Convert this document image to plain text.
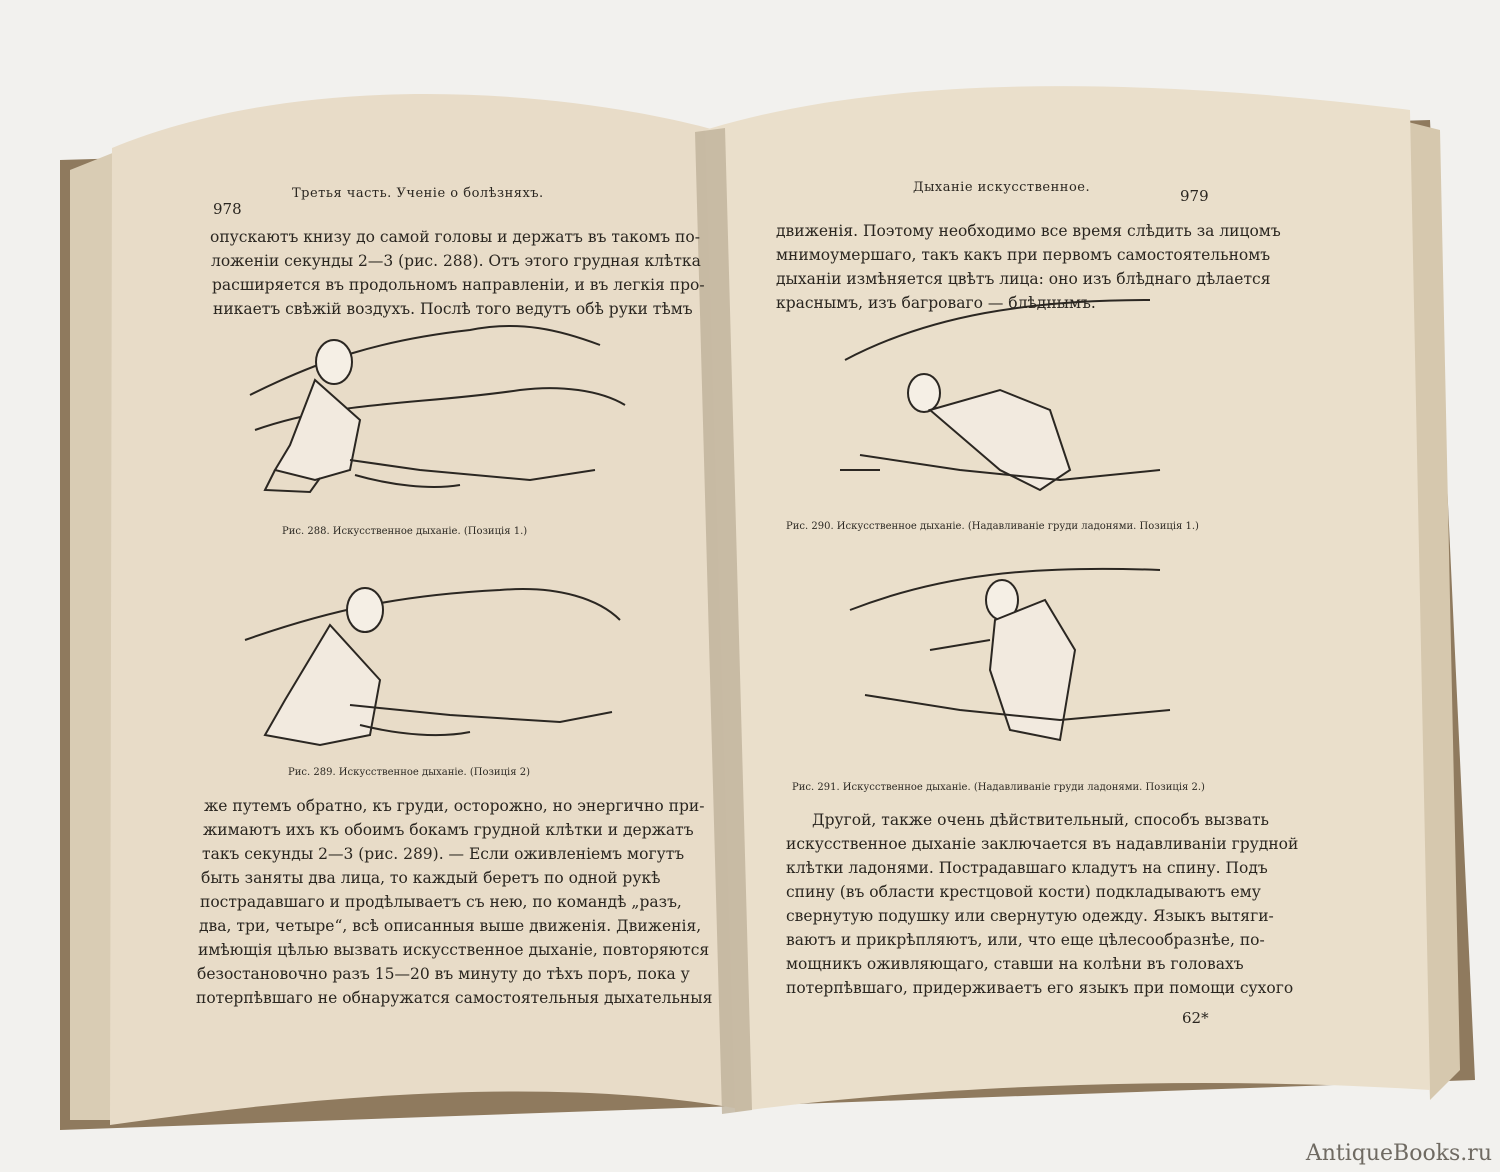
978
Третья часть. Ученіе о болѣзняхъ.
опускаютъ книзу до самой головы и держатъ въ такомъ по-
ложеніи секунды 2—3 (рис. 288). Отъ этого грудная клѣтка
расширяется въ продольномъ направленіи, и въ легкія про-
никаетъ свѣжій воздухъ. Послѣ того ведутъ обѣ руки тѣмъ
Рис. 288. Искусственное дыханіе. (Позиція 1.)
Рис. 289. Искусственное дыханіе. (Позиція 2)
же путемъ обратно, къ груди, осторожно, но энергично при-
жимаютъ ихъ къ обоимъ бокамъ грудной клѣтки и держатъ
такъ секунды 2—3 (рис. 289). — Если оживленіемъ могутъ
быть заняты два лица, то каждый беретъ по одной рукѣ
пострадавшаго и продѣлываетъ съ нею, по командѣ „разъ,
два, три, четыре“, всѣ описанныя выше движенія. Движенія,
имѣющія цѣлью вызвать искусственное дыханіе, повторяются
безостановочно разъ 15—20 въ минуту до тѣхъ поръ, пока у
потерпѣвшаго не обнаружатся самостоятельныя дыхательныя
Дыханіе искусственное.	979
движенія. Поэтому необходимо все время слѣдить за лицомъ
мнимоумершаго, такъ какъ при первомъ самостоятельномъ
дыханіи измѣняется цвѣтъ лица: оно изъ блѣднаго дѣлается
краснымъ, изъ багроваго — блѣднымъ.
Рис. 290. Искусственное дыханіе. (Надавливаніе груди ладонями. Позиція 1.)
Рис. 291. Искусственное дыханіе. (Надавливаніе груди ладонями. Позиція 2.)
Другой, также очень дѣйствительный, способъ вызвать
искусственное дыханіе заключается въ надавливаніи грудной
клѣтки ладонями. Пострадавшаго кладутъ на спину. Подъ
спину (въ области крестцовой кости) подкладываютъ ему
свернутую подушку или свернутую одежду. Языкъ вытяги-
ваютъ и прикрѣпляютъ, или, что еще цѣлесообразнѣе, по-
мощникъ оживляющаго, ставши на колѣни въ головахъ
потерпѣвшаго, придерживаетъ его языкъ при помощи сухого
62*
AntiqueBooks.ru
